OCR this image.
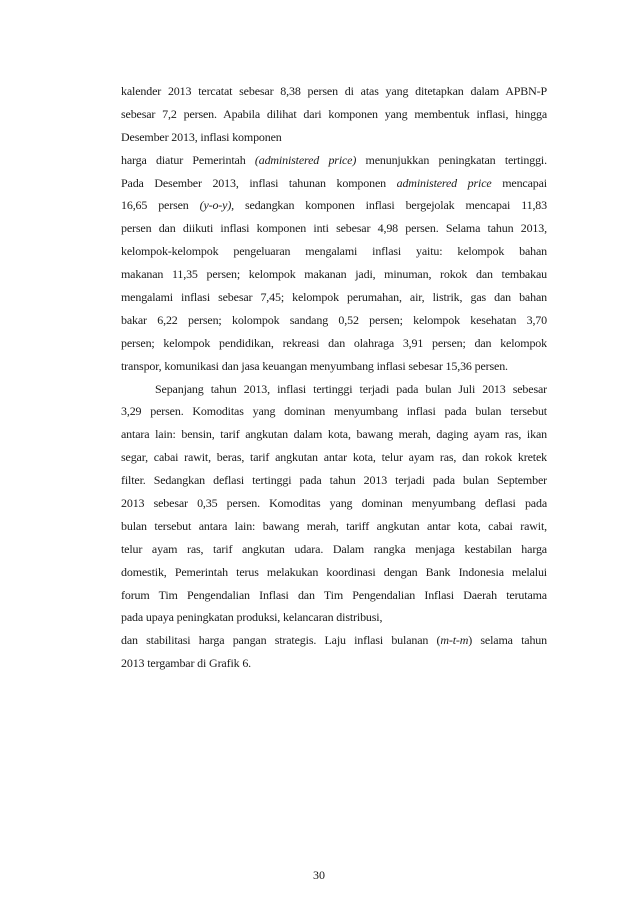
kalender 2013 tercatat sebesar 8,38 persen di atas yang ditetapkan dalam APBN-P
sebesar 7,2 persen. Apabila dilihat dari komponen yang membentuk inflasi, hingga
Desember 2013, inflasi komponen
harga diatur Pemerintah (administered price) menunjukkan peningkatan tertinggi.
Pada Desember 2013, inflasi tahunan komponen administered price mencapai
16,65 persen (y-o-y), sedangkan komponen inflasi bergejolak mencapai 11,83
persen dan diikuti inflasi komponen inti sebesar 4,98 persen. Selama tahun 2013,
kelompok-kelompok pengeluaran mengalami inflasi yaitu: kelompok bahan
makanan 11,35 persen; kelompok makanan jadi, minuman, rokok dan tembakau
mengalami inflasi sebesar 7,45; kelompok perumahan, air, listrik, gas dan bahan
bakar 6,22 persen; kolompok sandang 0,52 persen; kelompok kesehatan 3,70
persen; kelompok pendidikan, rekreasi dan olahraga 3,91 persen; dan kelompok
transpor, komunikasi dan jasa keuangan menyumbang inflasi sebesar 15,36 persen.
Sepanjang tahun 2013, inflasi tertinggi terjadi pada bulan Juli 2013 sebesar
3,29 persen. Komoditas yang dominan menyumbang inflasi pada bulan tersebut
antara lain: bensin, tarif angkutan dalam kota, bawang merah, daging ayam ras, ikan
segar, cabai rawit, beras, tarif angkutan antar kota, telur ayam ras, dan rokok kretek
filter. Sedangkan deflasi tertinggi pada tahun 2013 terjadi pada bulan September
2013 sebesar 0,35 persen. Komoditas yang dominan menyumbang deflasi pada
bulan tersebut antara lain: bawang merah, tariff angkutan antar kota, cabai rawit,
telur ayam ras, tarif angkutan udara. Dalam rangka menjaga kestabilan harga
domestik, Pemerintah terus melakukan koordinasi dengan Bank Indonesia melalui
forum Tim Pengendalian Inflasi dan Tim Pengendalian Inflasi Daerah terutama
pada upaya peningkatan produksi, kelancaran distribusi,
dan stabilitasi harga pangan strategis. Laju inflasi bulanan (m-t-m) selama tahun
2013 tergambar di Grafik 6.
30
